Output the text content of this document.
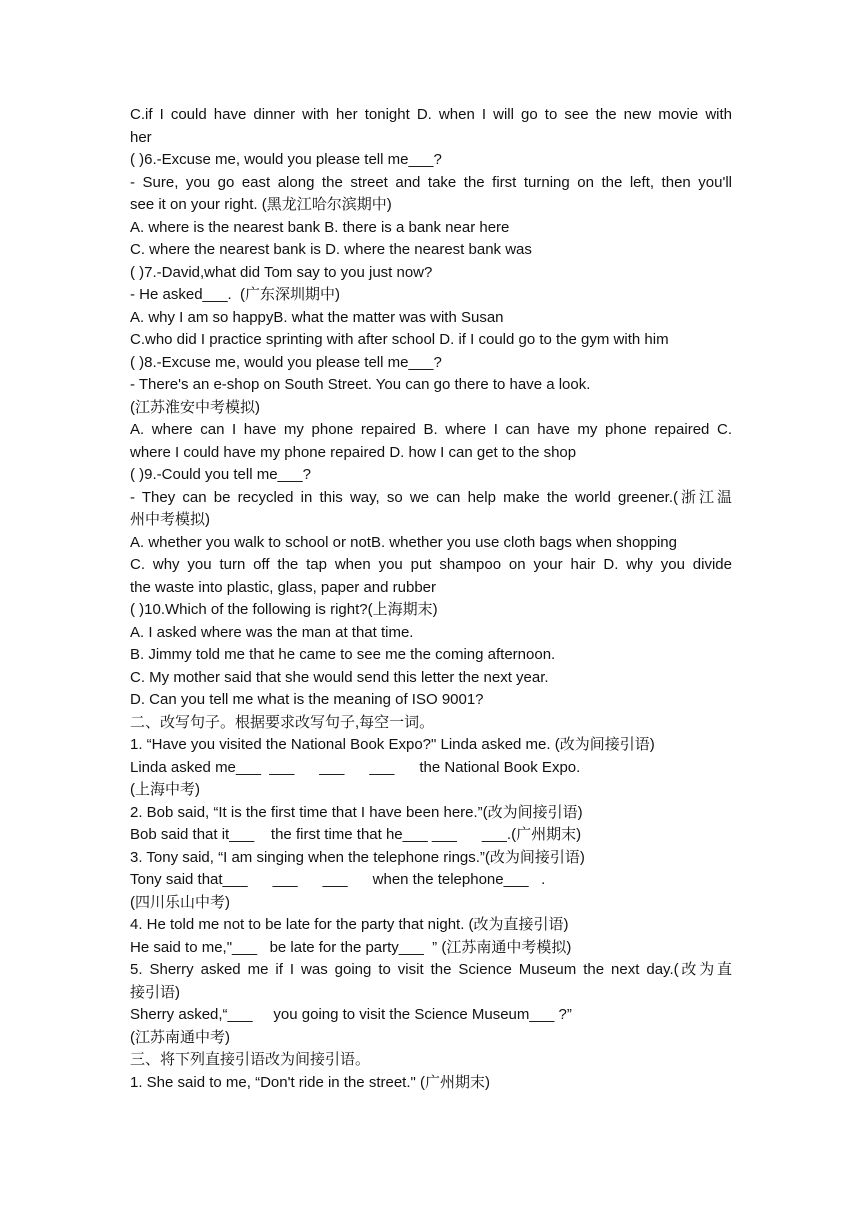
C.if I could have dinner with her tonight D. when I will go to see the new movie with
her
( )6.-Excuse me, would you please tell me___?
- Sure, you go east along the street and take the first turning on the left, then you'll
see it on your right. (黑龙江哈尔滨期中)
A. where is the nearest bank B. there is a bank near here
C. where the nearest bank is D. where the nearest bank was
( )7.-David,what did Tom say to you just now?
- He asked___.  (广东深圳期中)
A. why I am so happyB. what the matter was with Susan
C.who did I practice sprinting with after school D. if I could go to the gym with him
( )8.-Excuse me, would you please tell me___?
- There's an e-shop on South Street. You can go there to have a look.
(江苏淮安中考模拟)
A. where can I have my phone repaired B. where I can have my phone repaired C.
where I could have my phone repaired D. how I can get to the shop
( )9.-Could you tell me___?
- They can be recycled in this way, so we can help make the world greener.(浙江温
州中考模拟)
A. whether you walk to school or notB. whether you use cloth bags when shopping
C. why you turn off the tap when you put shampoo on your hair D. why you divide
the waste into plastic, glass, paper and rubber
( )10.Which of the following is right?(上海期末)
A. I asked where was the man at that time.
B. Jimmy told me that he came to see me the coming afternoon.
C. My mother said that she would send this letter the next year.
D. Can you tell me what is the meaning of ISO 9001?
二、改写句子。根据要求改写句子,每空一词。
1. “Have you visited the National Book Expo?" Linda asked me. (改为间接引语)
Linda asked me___  ___      ___      ___      the National Book Expo.
(上海中考)
2. Bob said, “It is the first time that I have been here.”(改为间接引语)
Bob said that it___    the first time that he___ ___      ___.(广州期末)
3. Tony said, “I am singing when the telephone rings.”(改为间接引语)
Tony said that___      ___      ___      when the telephone___   .
(四川乐山中考)
4. He told me not to be late for the party that night. (改为直接引语)
He said to me,"___   be late for the party___  ” (江苏南通中考模拟)
5. Sherry asked me if I was going to visit the Science Museum the next day.(改为直
接引语)
Sherry asked,“___     you going to visit the Science Museum___ ?”
(江苏南通中考)
三、将下列直接引语改为间接引语。
1. She said to me, “Don't ride in the street." (广州期末)
